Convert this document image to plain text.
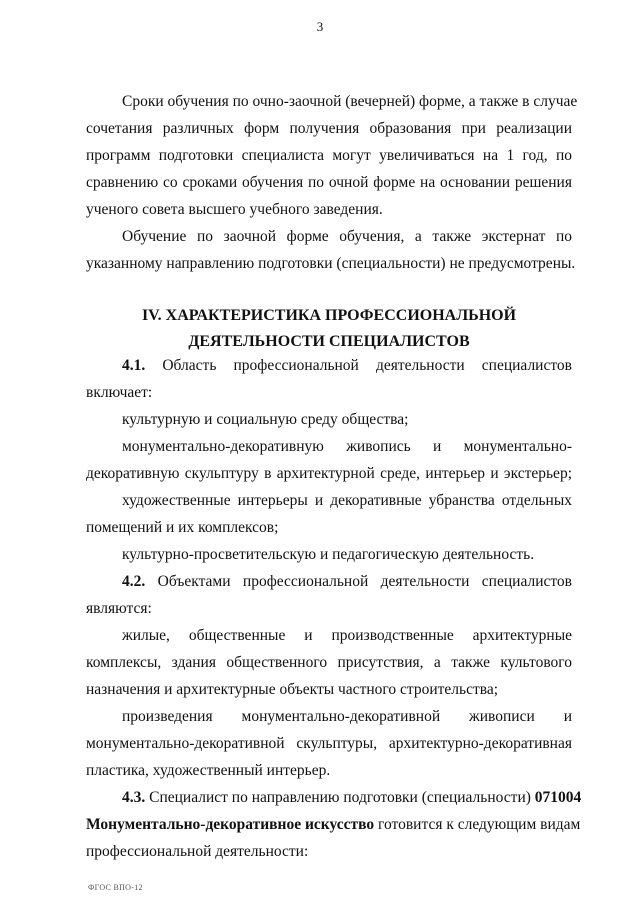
3
Сроки обучения по очно-заочной (вечерней) форме, а также в случае
сочетания различных форм получения образования при реализации
программ подготовки специалиста могут увеличиваться на 1 год, по
сравнению со сроками обучения по очной форме на основании решения
ученого совета высшего учебного заведения.
Обучение по заочной форме обучения, а также экстернат по
указанному направлению подготовки (специальности) не предусмотрены.
IV. ХАРАКТЕРИСТИКА ПРОФЕССИОНАЛЬНОЙ
ДЕЯТЕЛЬНОСТИ СПЕЦИАЛИСТОВ
4.1. Область профессиональной деятельности специалистов
включает:
культурную и социальную среду общества;
монументально-декоративную живопись и монументально-
декоративную скульптуру в архитектурной среде, интерьер и экстерьер;
художественные интерьеры и декоративные убранства отдельных
помещений и их комплексов;
культурно-просветительскую и педагогическую деятельность.
4.2. Объектами профессиональной деятельности специалистов
являются:
жилые, общественные и производственные архитектурные
комплексы, здания общественного присутствия, а также культового
назначения и архитектурные объекты частного строительства;
произведения монументально-декоративной живописи и
монументально-декоративной скульптуры, архитектурно-декоративная
пластика, художественный интерьер.
4.3. Специалист по направлению подготовки (специальности) 071004
Монументально-декоративное искусство готовится к следующим видам
профессиональной деятельности:
ФГОС ВПО-12
